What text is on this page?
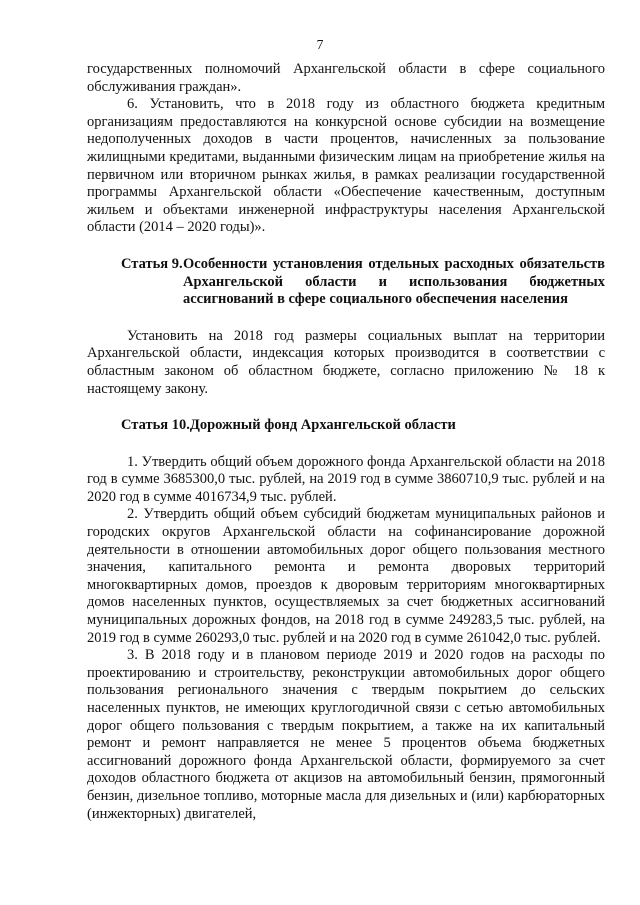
7

государственных полномочий Архангельской области в сфере социального обслуживания граждан».

6. Установить, что в 2018 году из областного бюджета кредитным организациям предоставляются на конкурсной основе субсидии на возмещение недополученных доходов в части процентов, начисленных за пользование жилищными кредитами, выданными физическим лицам на приобретение жилья на первичном или вторичном рынках жилья, в рамках реализации государственной программы Архангельской области «Обеспечение качественным, доступным жильем и объектами инженерной инфраструктуры населения Архангельской области (2014 – 2020 годы)».

Статья 9. Особенности установления отдельных расходных обязательств Архангельской области и использования бюджетных ассигнований в сфере социального обеспечения населения

Установить на 2018 год размеры социальных выплат на территории Архангельской области, индексация которых производится в соответствии с областным законом об областном бюджете, согласно приложению № 18 к настоящему закону.

Статья 10. Дорожный фонд Архангельской области

1. Утвердить общий объем дорожного фонда Архангельской области на 2018 год в сумме 3685300,0 тыс. рублей, на 2019 год в сумме 3860710,9 тыс. рублей и на 2020 год в сумме 4016734,9 тыс. рублей.

2. Утвердить общий объем субсидий бюджетам муниципальных районов и городских округов Архангельской области на софинансирование дорожной деятельности в отношении автомобильных дорог общего пользования местного значения, капитального ремонта и ремонта дворовых территорий многоквартирных домов, проездов к дворовым территориям многоквартирных домов населенных пунктов, осуществляемых за счет бюджетных ассигнований муниципальных дорожных фондов, на 2018 год в сумме 249283,5 тыс. рублей, на 2019 год в сумме 260293,0 тыс. рублей и на 2020 год в сумме 261042,0 тыс. рублей.

3. В 2018 году и в плановом периоде 2019 и 2020 годов на расходы по проектированию и строительству, реконструкции автомобильных дорог общего пользования регионального значения с твердым покрытием до сельских населенных пунктов, не имеющих круглогодичной связи с сетью автомобильных дорог общего пользования с твердым покрытием, а также на их капитальный ремонт и ремонт направляется не менее 5 процентов объема бюджетных ассигнований дорожного фонда Архангельской области, формируемого за счет доходов областного бюджета от акцизов на автомобильный бензин, прямогонный бензин, дизельное топливо, моторные масла для дизельных и (или) карбюраторных (инжекторных) двигателей,
